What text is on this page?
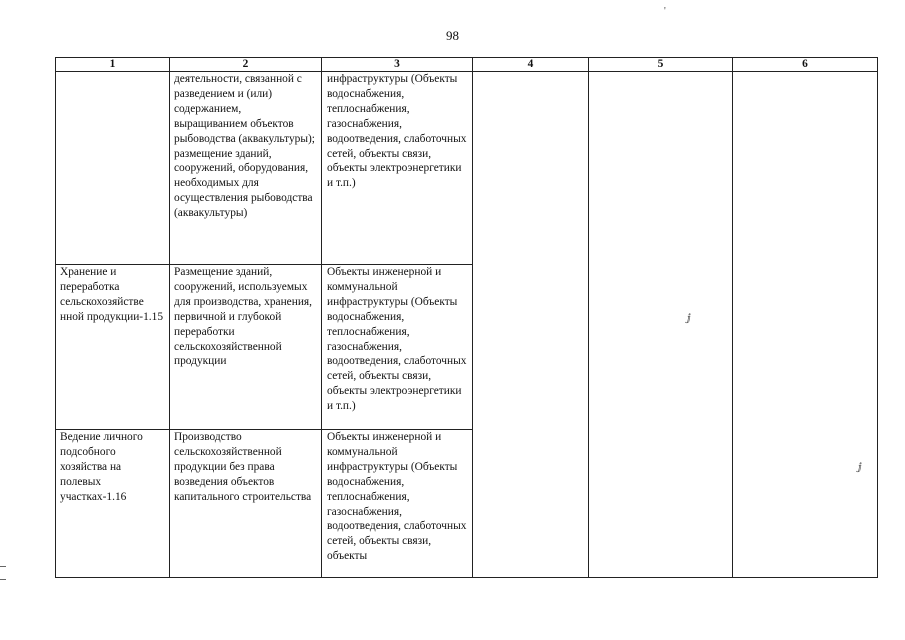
98
'
ⅉ
ⅉ
1	2	3	4	5	6
	деятельности, связанной с разведением и (или) содержанием, выращиванием объектов рыбоводства (аквакультуры); размещение зданий, сооружений, оборудования, необходимых для осуществления рыбоводства (аквакультуры)	инфраструктуры (Объекты водоснабжения, теплоснабжения, газоснабжения, водоотведения, слаботочных сетей, объекты связи, объекты электроэнергетики и т.п.)			
Хранение и переработка сельскохозяйстве нной продукции-1.15	Размещение зданий, сооружений, используемых для производства, хранения, первичной и глубокой переработки сельскохозяйственной продукции	Объекты инженерной и коммунальной инфраструктуры (Объекты водоснабжения, теплоснабжения, газоснабжения, водоотведения, слаботочных сетей, объекты связи, объекты электроэнергетики и т.п.)			
Ведение личного подсобного хозяйства на полевых участках-1.16	Производство сельскохозяйственной продукции без права возведения объектов капитального строительства	Объекты инженерной и коммунальной инфраструктуры (Объекты водоснабжения, теплоснабжения, газоснабжения, водоотведения, слаботочных сетей, объекты связи, объекты			
